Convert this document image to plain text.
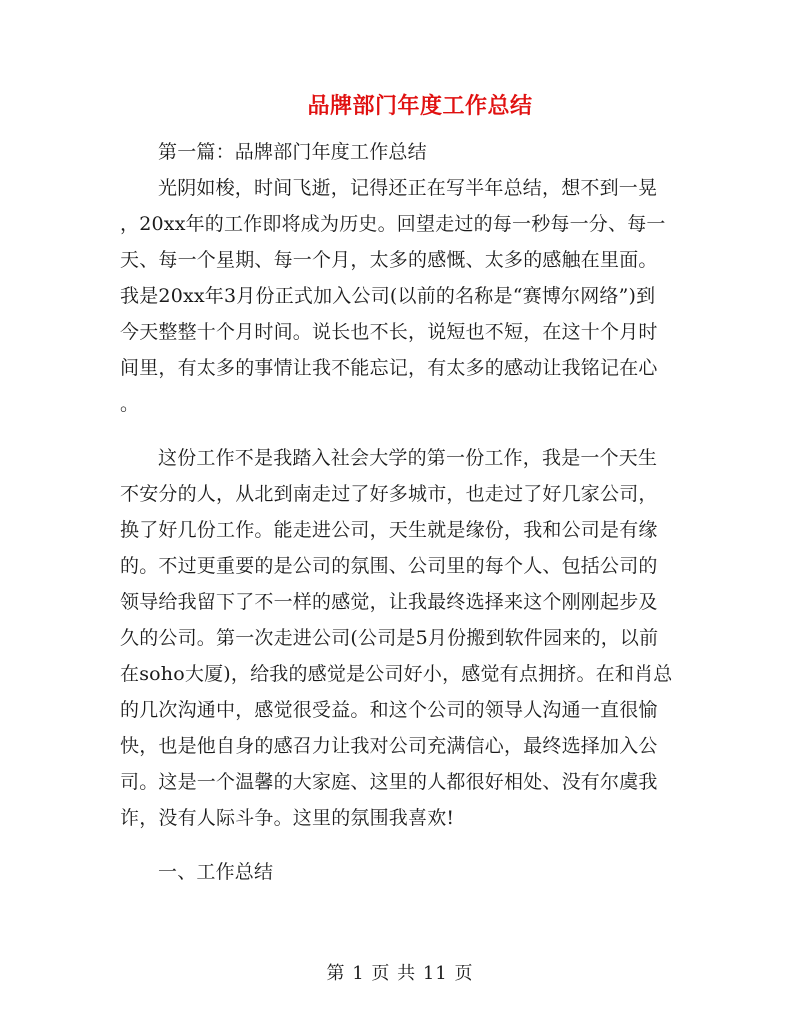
品牌部门年度工作总结
第一篇：品牌部门年度工作总结
光阴如梭，时间飞逝，记得还正在写半年总结，想不到一晃
，20xx年的工作即将成为历史。回望走过的每一秒每一分、每一
天、每一个星期、每一个月，太多的感慨、太多的感触在里面。
我是20xx年3月份正式加入公司(以前的名称是“赛博尔网络”)到
今天整整十个月时间。说长也不长，说短也不短，在这十个月时
间里，有太多的事情让我不能忘记，有太多的感动让我铭记在心
。
这份工作不是我踏入社会大学的第一份工作，我是一个天生
不安分的人，从北到南走过了好多城市，也走过了好几家公司，
换了好几份工作。能走进公司，天生就是缘份，我和公司是有缘
的。不过更重要的是公司的氛围、公司里的每个人、包括公司的
领导给我留下了不一样的感觉，让我最终选择来这个刚刚起步及
久的公司。第一次走进公司(公司是5月份搬到软件园来的，以前
在soho大厦)，给我的感觉是公司好小，感觉有点拥挤。在和肖总
的几次沟通中，感觉很受益。和这个公司的领导人沟通一直很愉
快，也是他自身的感召力让我对公司充满信心，最终选择加入公
司。这是一个温馨的大家庭、这里的人都很好相处、没有尔虞我
诈，没有人际斗争。这里的氛围我喜欢!
一、工作总结
第 1 页 共 11 页
